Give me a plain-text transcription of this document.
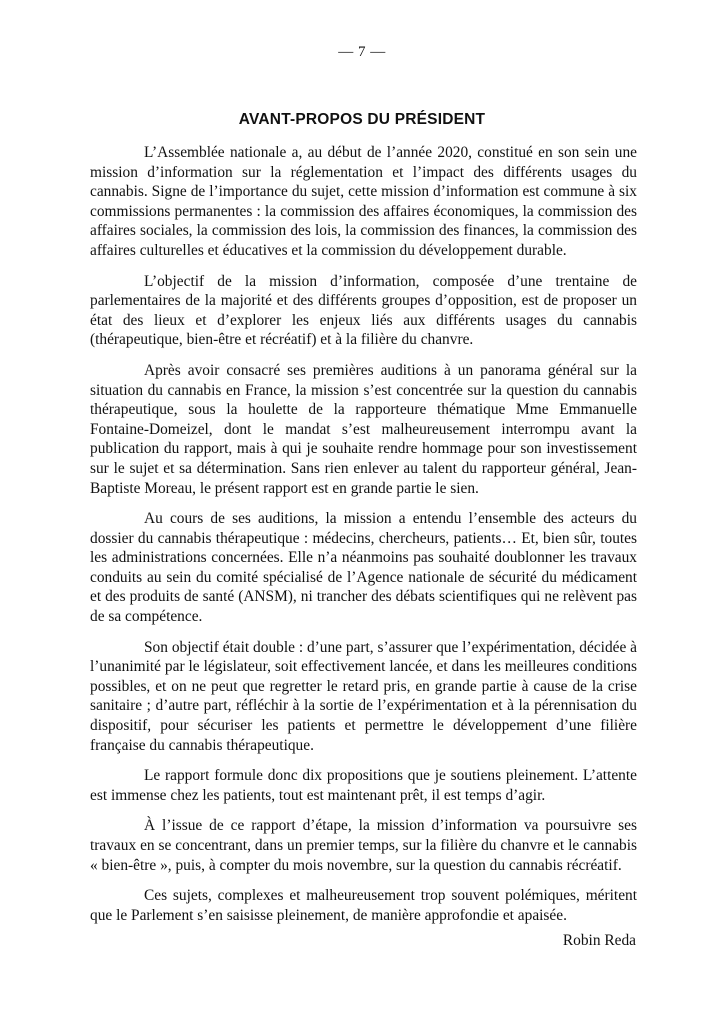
— 7 —
AVANT-PROPOS DU PRÉSIDENT

L’Assemblée nationale a, au début de l’année 2020, constitué en son sein une mission d’information sur la réglementation et l’impact des différents usages du cannabis. Signe de l’importance du sujet, cette mission d’information est commune à six commissions permanentes : la commission des affaires économiques, la commission des affaires sociales, la commission des lois, la commission des finances, la commission des affaires culturelles et éducatives et la commission du développement durable.

L’objectif de la mission d’information, composée d’une trentaine de parlementaires de la majorité et des différents groupes d’opposition, est de proposer un état des lieux et d’explorer les enjeux liés aux différents usages du cannabis (thérapeutique, bien-être et récréatif) et à la filière du chanvre.

Après avoir consacré ses premières auditions à un panorama général sur la situation du cannabis en France, la mission s’est concentrée sur la question du cannabis thérapeutique, sous la houlette de la rapporteure thématique Mme Emmanuelle Fontaine-Domeizel, dont le mandat s’est malheureusement interrompu avant la publication du rapport, mais à qui je souhaite rendre hommage pour son investissement sur le sujet et sa détermination. Sans rien enlever au talent du rapporteur général, Jean-Baptiste Moreau, le présent rapport est en grande partie le sien.

Au cours de ses auditions, la mission a entendu l’ensemble des acteurs du dossier du cannabis thérapeutique : médecins, chercheurs, patients… Et, bien sûr, toutes les administrations concernées. Elle n’a néanmoins pas souhaité doublonner les travaux conduits au sein du comité spécialisé de l’Agence nationale de sécurité du médicament et des produits de santé (ANSM), ni trancher des débats scientifiques qui ne relèvent pas de sa compétence.

Son objectif était double : d’une part, s’assurer que l’expérimentation, décidée à l’unanimité par le législateur, soit effectivement lancée, et dans les meilleures conditions possibles, et on ne peut que regretter le retard pris, en grande partie à cause de la crise sanitaire ; d’autre part, réfléchir à la sortie de l’expérimentation et à la pérennisation du dispositif, pour sécuriser les patients et permettre le développement d’une filière française du cannabis thérapeutique.

Le rapport formule donc dix propositions que je soutiens pleinement. L’attente est immense chez les patients, tout est maintenant prêt, il est temps d’agir.

À l’issue de ce rapport d’étape, la mission d’information va poursuivre ses travaux en se concentrant, dans un premier temps, sur la filière du chanvre et le cannabis « bien-être », puis, à compter du mois novembre, sur la question du cannabis récréatif.

Ces sujets, complexes et malheureusement trop souvent polémiques, méritent que le Parlement s’en saisisse pleinement, de manière approfondie et apaisée.

Robin Reda
